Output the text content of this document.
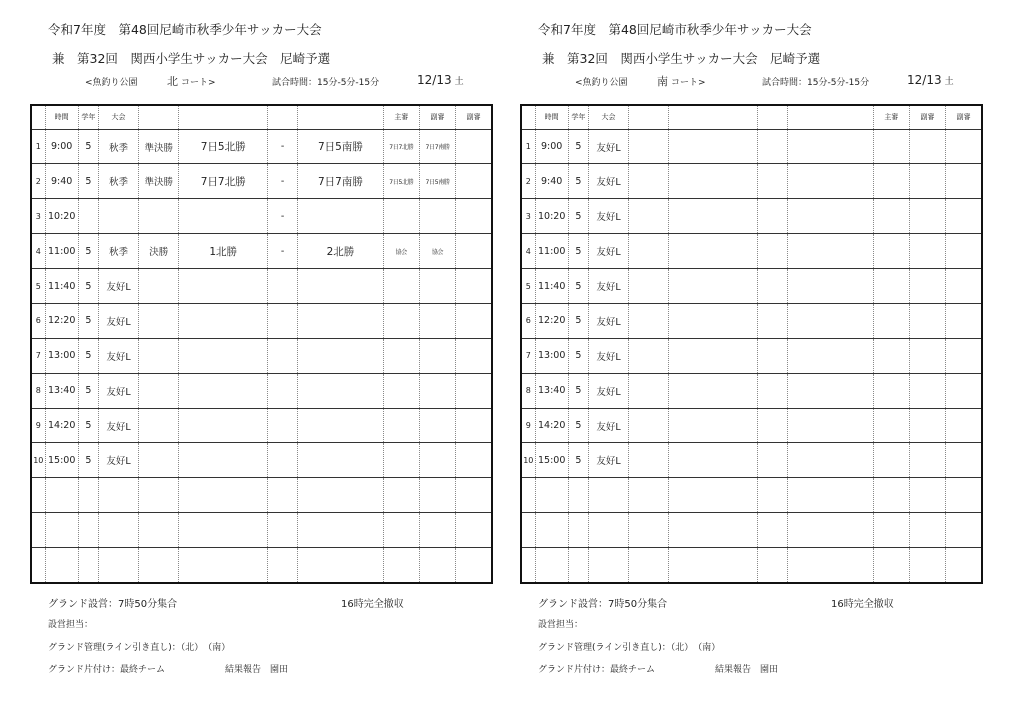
令和7年度　第48回尼崎市秋季少年サッカー大会
兼　第32回　関西小学生サッカー大会　尼崎予選
<魚釣り公園	北 コート>	試合時間：15分-5分-15分	12/13 土
	時間	学年	大会					主審	副審	副審
1	9:00	5	秋季	準決勝	7日5北勝	-	7日5南勝	7日7北勝	7日7南勝	
2	9:40	5	秋季	準決勝	7日7北勝	-	7日7南勝	7日5北勝	7日5南勝	
3	10:20					-				
4	11:00	5	秋季	決勝	1北勝	-	2北勝	協会	協会	
5	11:40	5	友好L							
6	12:20	5	友好L							
7	13:00	5	友好L							
8	13:40	5	友好L							
9	14:20	5	友好L							
10	15:00	5	友好L							

グランド設営：7時50分集合	16時完全撤収
設営担当：
グランド管理(ライン引き直し)：（北）　（南）
グランド片付け：最終チーム	結果報告　園田
令和7年度　第48回尼崎市秋季少年サッカー大会
兼　第32回　関西小学生サッカー大会　尼崎予選
<魚釣り公園	南 コート>	試合時間：15分-5分-15分	12/13 土
	時間	学年	大会					主審	副審	副審
1	9:00	5	友好L							
2	9:40	5	友好L							
3	10:20	5	友好L							
4	11:00	5	友好L							
5	11:40	5	友好L							
6	12:20	5	友好L							
7	13:00	5	友好L							
8	13:40	5	友好L							
9	14:20	5	友好L							
10	15:00	5	友好L							

グランド設営：7時50分集合	16時完全撤収
設営担当：
グランド管理(ライン引き直し)：（北）　（南）
グランド片付け：最終チーム	結果報告　園田
